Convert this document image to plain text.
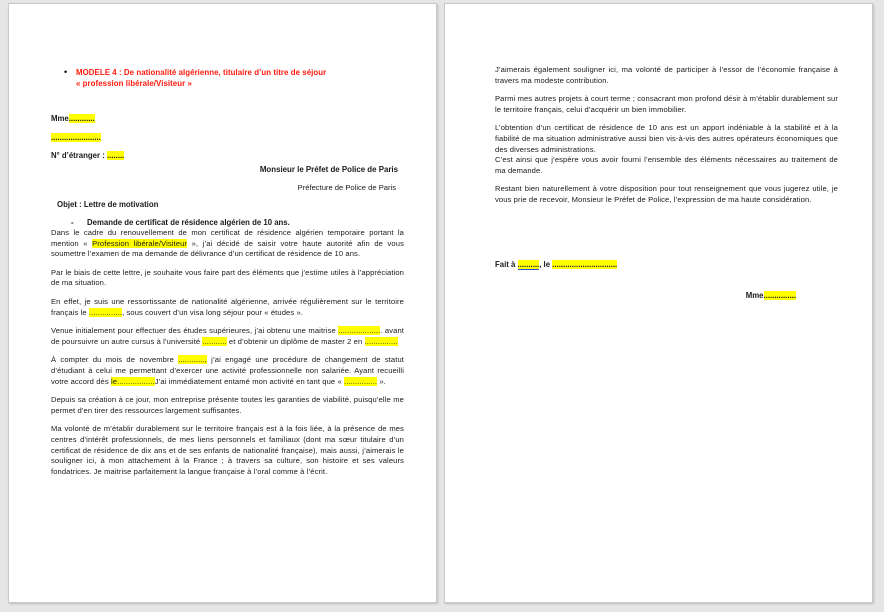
•	MODELE 4 : De nationalité algérienne, titulaire d’un titre de séjour
« profession libérale/Visiteur »
Mme............
.......................
N° d’étranger : ........
Monsieur le Préfet de Police de Paris
Préfecture de Police de Paris
Objet : Lettre de motivation
-	Demande de certificat de résidence algérien de 10 ans.

Dans le cadre du renouvellement de mon certificat de résidence algérien temporaire portant la mention « Profession libérale/Visiteur », j’ai décidé de saisir votre haute autorité afin de vous soumettre l’examen de ma demande de délivrance d’un certificat de résidence de 10 ans.

Par le biais de cette lettre, je souhaite vous faire part des éléments que j’estime utiles à l’appréciation de ma situation.

En effet, je suis une ressortissante de nationalité algérienne, arrivée régulièrement sur le territoire français le ..............., sous couvert d’un visa long séjour pour « études ».

Venue initialement pour effectuer des études supérieures, j’ai obtenu une maitrise .................... avant de poursuivre un autre cursus à l’université ........... et d’obtenir un diplôme de master 2 en ...............

À compter du mois de novembre ............, j’ai engagé une procédure de changement de statut d’étudiant à celui me permettant d’exercer une activité professionnelle non salariée. Ayant recueilli votre accord dès le.................J’ai immédiatement entamé mon activité en tant que « ............... ».

Depuis sa création à ce jour, mon entreprise présente toutes les garanties de viabilité, puisqu’elle me permet d’en tirer des ressources largement suffisantes.

Ma volonté de m’établir durablement sur le territoire français est à la fois liée, à la présence de mes centres d’intérêt professionnels, de mes liens personnels et familiaux (dont ma sœur titulaire d’un certificat de résidence de dix ans et de ses enfants de nationalité française), mais aussi, j’aimerais le souligner ici, à mon attachement à la France ; à travers sa culture, son histoire et ses valeurs fondatrices. Je maitrise parfaitement la langue française à l’oral comme à l’écrit.

J’aimerais également souligner ici, ma volonté de participer à l’essor de l’économie française à travers ma modeste contribution.

Parmi mes autres projets à court terme ; consacrant mon profond désir à m’établir durablement sur le territoire français, celui d’acquérir un bien immobilier.

L’obtention d’un certificat de résidence de 10 ans est un apport indéniable à la stabilité et à la fiabilité de ma situation administrative aussi bien vis-à-vis des autres opérateurs économiques que des diverses administrations.

C’est ainsi que j’espère vous avoir fourni l’ensemble des éléments nécessaires au traitement de ma demande.

Restant bien naturellement à votre disposition pour tout renseignement que vous jugerez utile, je vous prie de recevoir, Monsieur le Préfet de Police, l’expression de ma haute considération.

Fait à .........., le ..............................
Mme...............
